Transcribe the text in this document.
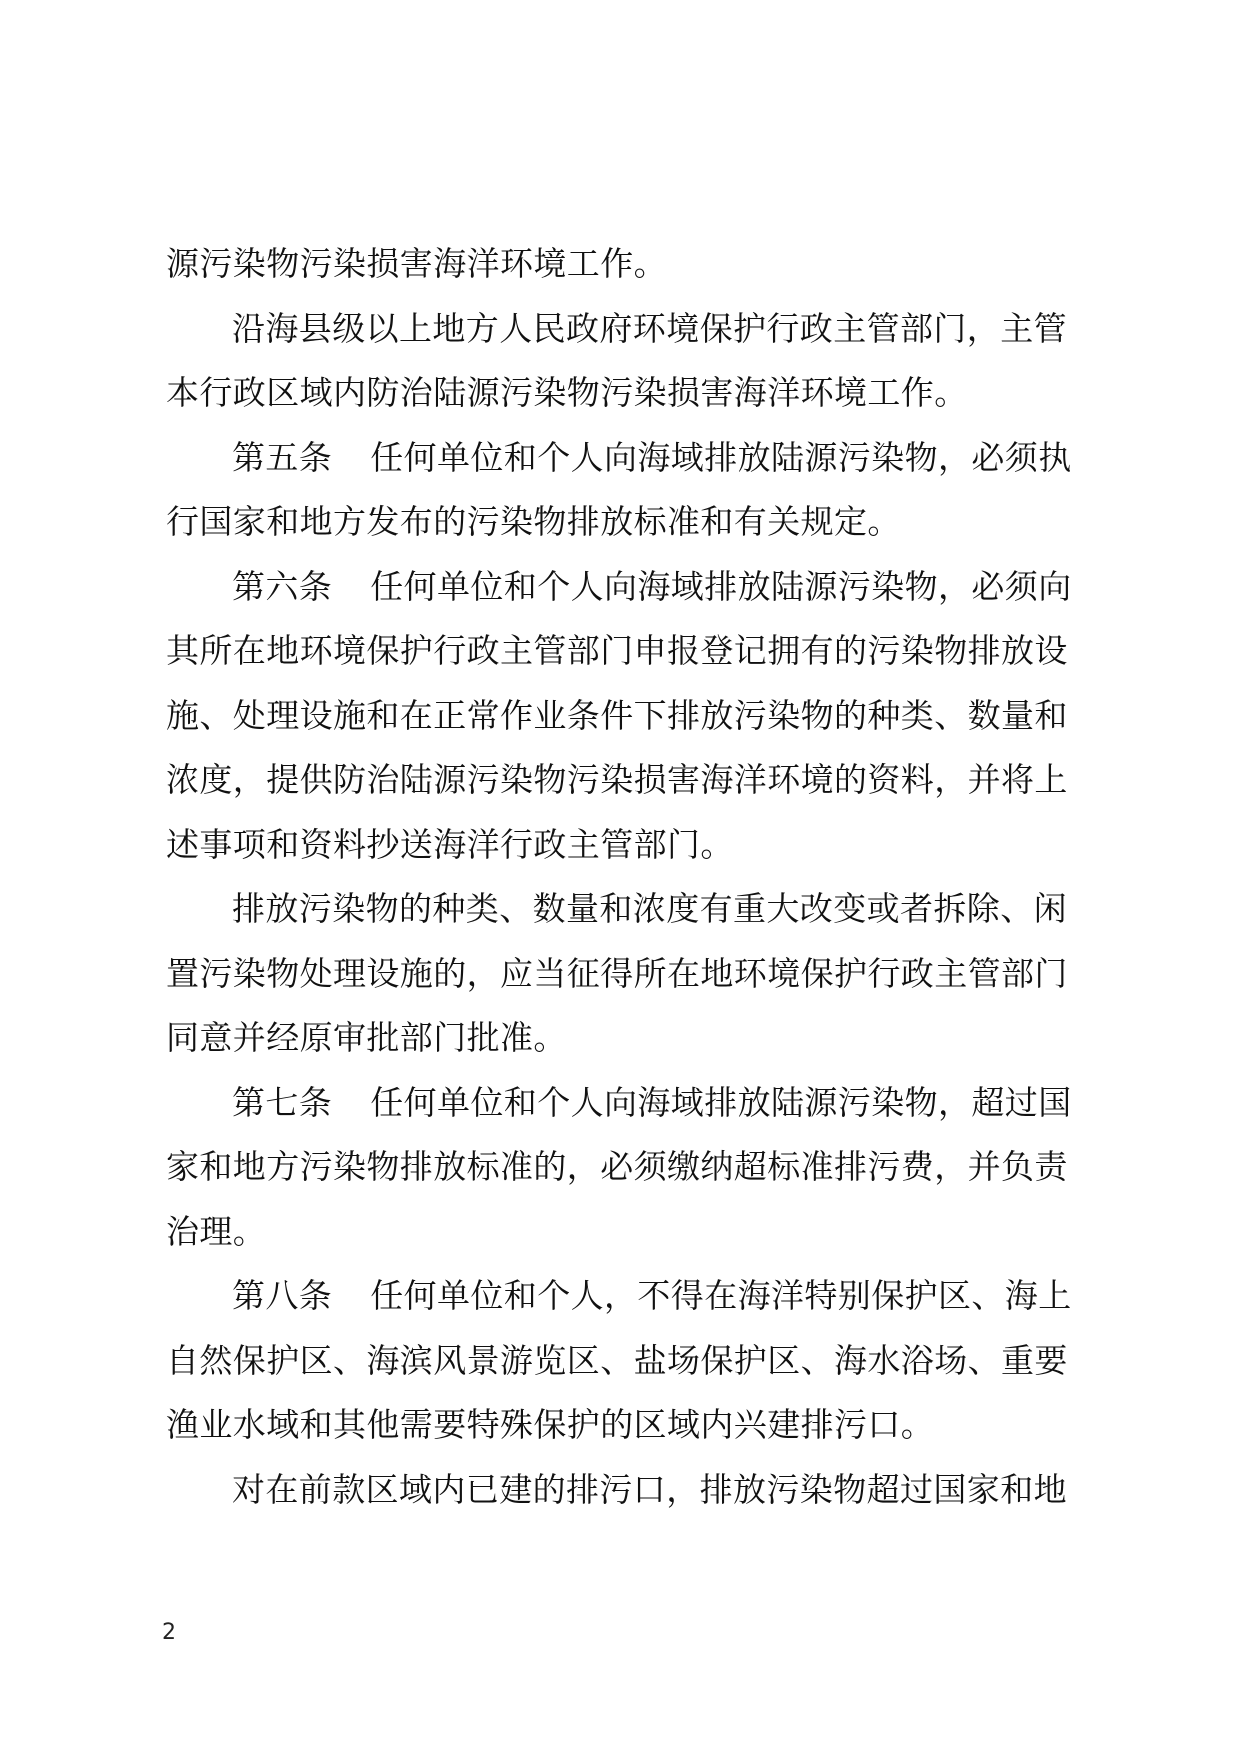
源污染物污染损害海洋环境工作。
沿海县级以上地方人民政府环境保护行政主管部门，主管
本行政区域内防治陆源污染物污染损害海洋环境工作。
第五条 任何单位和个人向海域排放陆源污染物，必须执
行国家和地方发布的污染物排放标准和有关规定。
第六条 任何单位和个人向海域排放陆源污染物，必须向
其所在地环境保护行政主管部门申报登记拥有的污染物排放设
施、处理设施和在正常作业条件下排放污染物的种类、数量和
浓度，提供防治陆源污染物污染损害海洋环境的资料，并将上
述事项和资料抄送海洋行政主管部门。
排放污染物的种类、数量和浓度有重大改变或者拆除、闲
置污染物处理设施的，应当征得所在地环境保护行政主管部门
同意并经原审批部门批准。
第七条 任何单位和个人向海域排放陆源污染物，超过国
家和地方污染物排放标准的，必须缴纳超标准排污费，并负责
治理。
第八条 任何单位和个人，不得在海洋特别保护区、海上
自然保护区、海滨风景游览区、盐场保护区、海水浴场、重要
渔业水域和其他需要特殊保护的区域内兴建排污口。
对在前款区域内已建的排污口，排放污染物超过国家和地
2
